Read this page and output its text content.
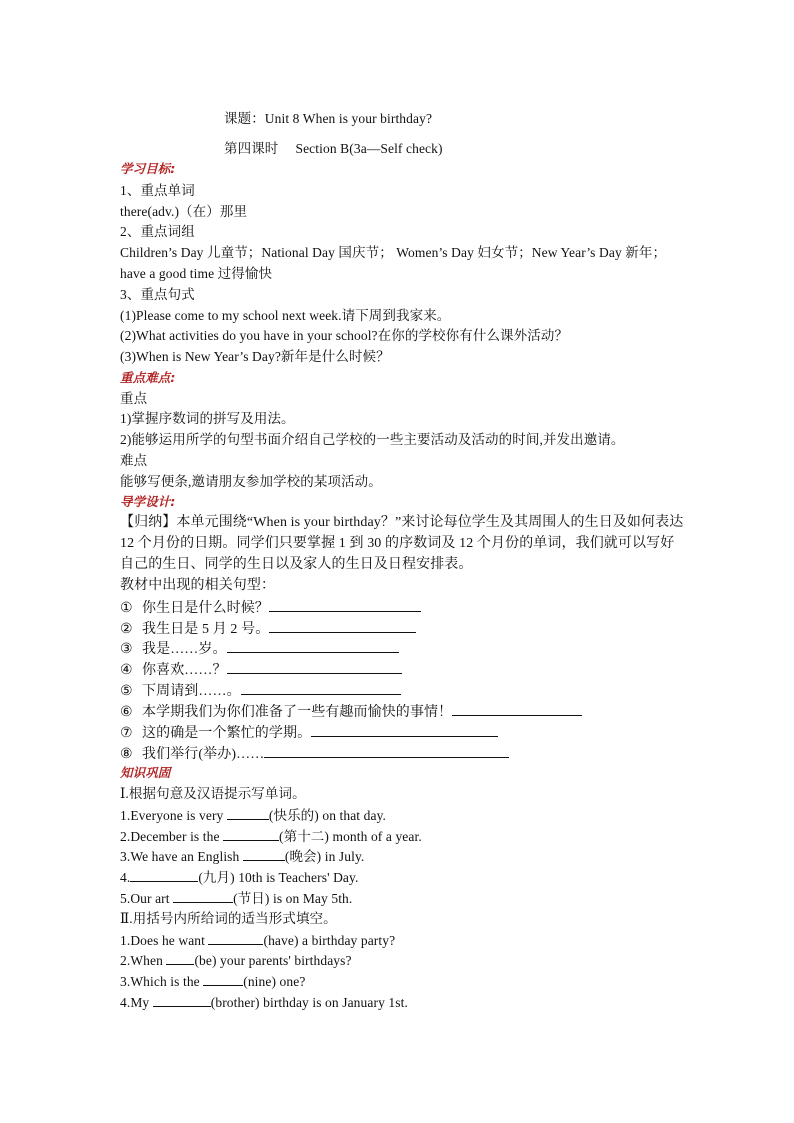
课题：Unit 8 When is your birthday?
第四课时　 Section B(3a—Self check)
学习目标:
1、重点单词
there(adv.)（在）那里
2、重点词组
Children’s Day 儿童节；National Day 国庆节； Women’s Day 妇女节；New Year’s Day 新年；
have a good time 过得愉快
3、重点句式
(1)Please come to my school next week.请下周到我家来。
(2)What activities do you have in your school?在你的学校你有什么课外活动？
(3)When is New Year’s Day?新年是什么时候？
重点难点:
重点
1)掌握序数词的拼写及用法。
2)能够运用所学的句型书面介绍自己学校的一些主要活动及活动的时间,并发出邀请。
难点
能够写便条,邀请朋友参加学校的某项活动。
导学设计:
【归纳】本单元围绕“When is your birthday？”来讨论每位学生及其周围人的生日及如何表达
12 个月份的日期。同学们只要掌握 1 到 30 的序数词及 12 个月份的单词，我们就可以写好
自己的生日、同学的生日以及家人的生日及日程安排表。
教材中出现的相关句型：
① 你生日是什么时候？
② 我生日是 5 月 2 号。
③ 我是……岁。
④ 你喜欢……？
⑤ 下周请到……。
⑥ 本学期我们为你们准备了一些有趣而愉快的事情！
⑦ 这的确是一个繁忙的学期。
⑧ 我们举行(举办)……
知识巩固
Ⅰ.根据句意及汉语提示写单词。
1.Everyone is very	(快乐的) on that day.
2.December is the	(第十二) month of a year.
3.We have an English	(晚会) in July.
4.	(九月) 10th is Teachers' Day.
5.Our art	(节日) is on May 5th.
Ⅱ.用括号内所给词的适当形式填空。
1.Does he want	(have) a birthday party?
2.When (be) your parents' birthdays?
3.Which is the	(nine) one?
4.My	(brother) birthday is on January 1st.
